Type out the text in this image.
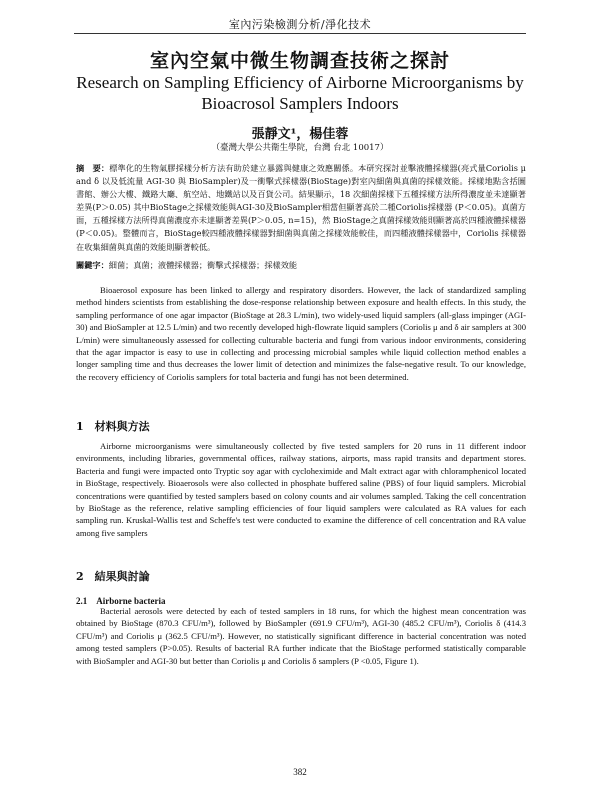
室內污染檢測分析/淨化技术
室內空氣中微生物調查技術之探討
Research on Sampling Efficiency of Airborne Microorganisms by Bioacrosol Samplers Indoors
張靜文¹，楊佳蓉
（臺灣大學公共衛生學院，台灣 台北 10017）
摘　要：標準化的生物氣膠採樣分析方法有助於建立暴露與健康之效應關係。本研究探討並擊液體採樣器(亮式量Coriolis μ and δ 以及低流量 AGI-30 與 BioSampler)及一衝擊式採樣器(BioStage)對室內細菌與真菌的採樣效能。採樣地點含括圖書館、辦公大樓、鐵路大廳、航空站、地鐵站以及百貨公司。結果顯示，18 次細菌採樣下五種採樣方法所得濃度並未達顯著差異(P＞0.05) 其中BioStage之採樣效能與AGI-30及BioSampler相當但顯著高於二種Coriolis採樣器 (P＜0.05)。真菌方面，五種採樣方法所得真菌濃度亦未達顯著差異(P＞0.05, n=15)，然 BioStage之真菌採樣效能則顯著高於四種液體採樣器 (P＜0.05)。整體而言，BioStage較四種液體採樣器對細菌與真菌之採樣效能較佳，而四種液體採樣器中，Coriolis 採樣器在收集細菌與真菌的效能則顯著較低。
關鍵字：細菌；真菌；液體採樣器；衝擊式採樣器；採樣效能
Bioaerosol exposure has been linked to allergy and respiratory disorders. However, the lack of standardized sampling method hinders scientists from establishing the dose-response relationship between exposure and health effects. In this study, the sampling performance of one agar impactor (BioStage at 28.3 L/min), two widely-used liquid samplers (all-glass impinger (AGI-30) and BioSampler at 12.5 L/min) and two recently developed high-flowrate liquid samplers (Coriolis μ and δ air samplers at 300 L/min) were simultaneously assessed for collecting culturable bacteria and fungi from various indoor environments, considering that the agar impactor is easy to use in collecting and processing microbial samples while liquid collection method enables a longer sampling time and thus decreases the lower limit of detection and minimizes the false-negative result. To our knowledge, the recovery efficiency of Coriolis samplers for total bacteria and fungi has not been determined.
1　材料與方法
Airborne microorganisms were simultaneously collected by five tested samplers for 20 runs in 11 different indoor environments, including libraries, governmental offices, railway stations, airports, mass rapid transits and department stores. Bacteria and fungi were impacted onto Tryptic soy agar with cycloheximide and Malt extract agar with chloramphenicol located in BioStage, respectively. Bioaerosols were also collected in phosphate buffered saline (PBS) of four liquid samplers. Microbial concentrations were quantified by tested samplers based on colony counts and air volumes sampled. Taking the cell concentration by BioStage as the reference, relative sampling efficiencies of four liquid samplers were calculated as RA values for each sampling run. Kruskal-Wallis test and Scheffe's test were conducted to examine the difference of cell concentration and RA value among five samplers
2　結果與討論
2.1　Airborne bacteria
Bacterial aerosols were detected by each of tested samplers in 18 runs, for which the highest mean concentration was obtained by BioStage (870.3 CFU/m³), followed by BioSampler (691.9 CFU/m³), AGI-30 (485.2 CFU/m³), Coriolis δ (414.3 CFU/m³) and Coriolis μ (362.5 CFU/m³). However, no statistically significant difference in bacterial concentration was noted among tested samplers (P>0.05). Results of bacterial RA further indicate that the BioStage performed statistically comparable with BioSampler and AGI-30 but better than Coriolis μ and Coriolis δ samplers (P <0.05, Figure 1).
382
